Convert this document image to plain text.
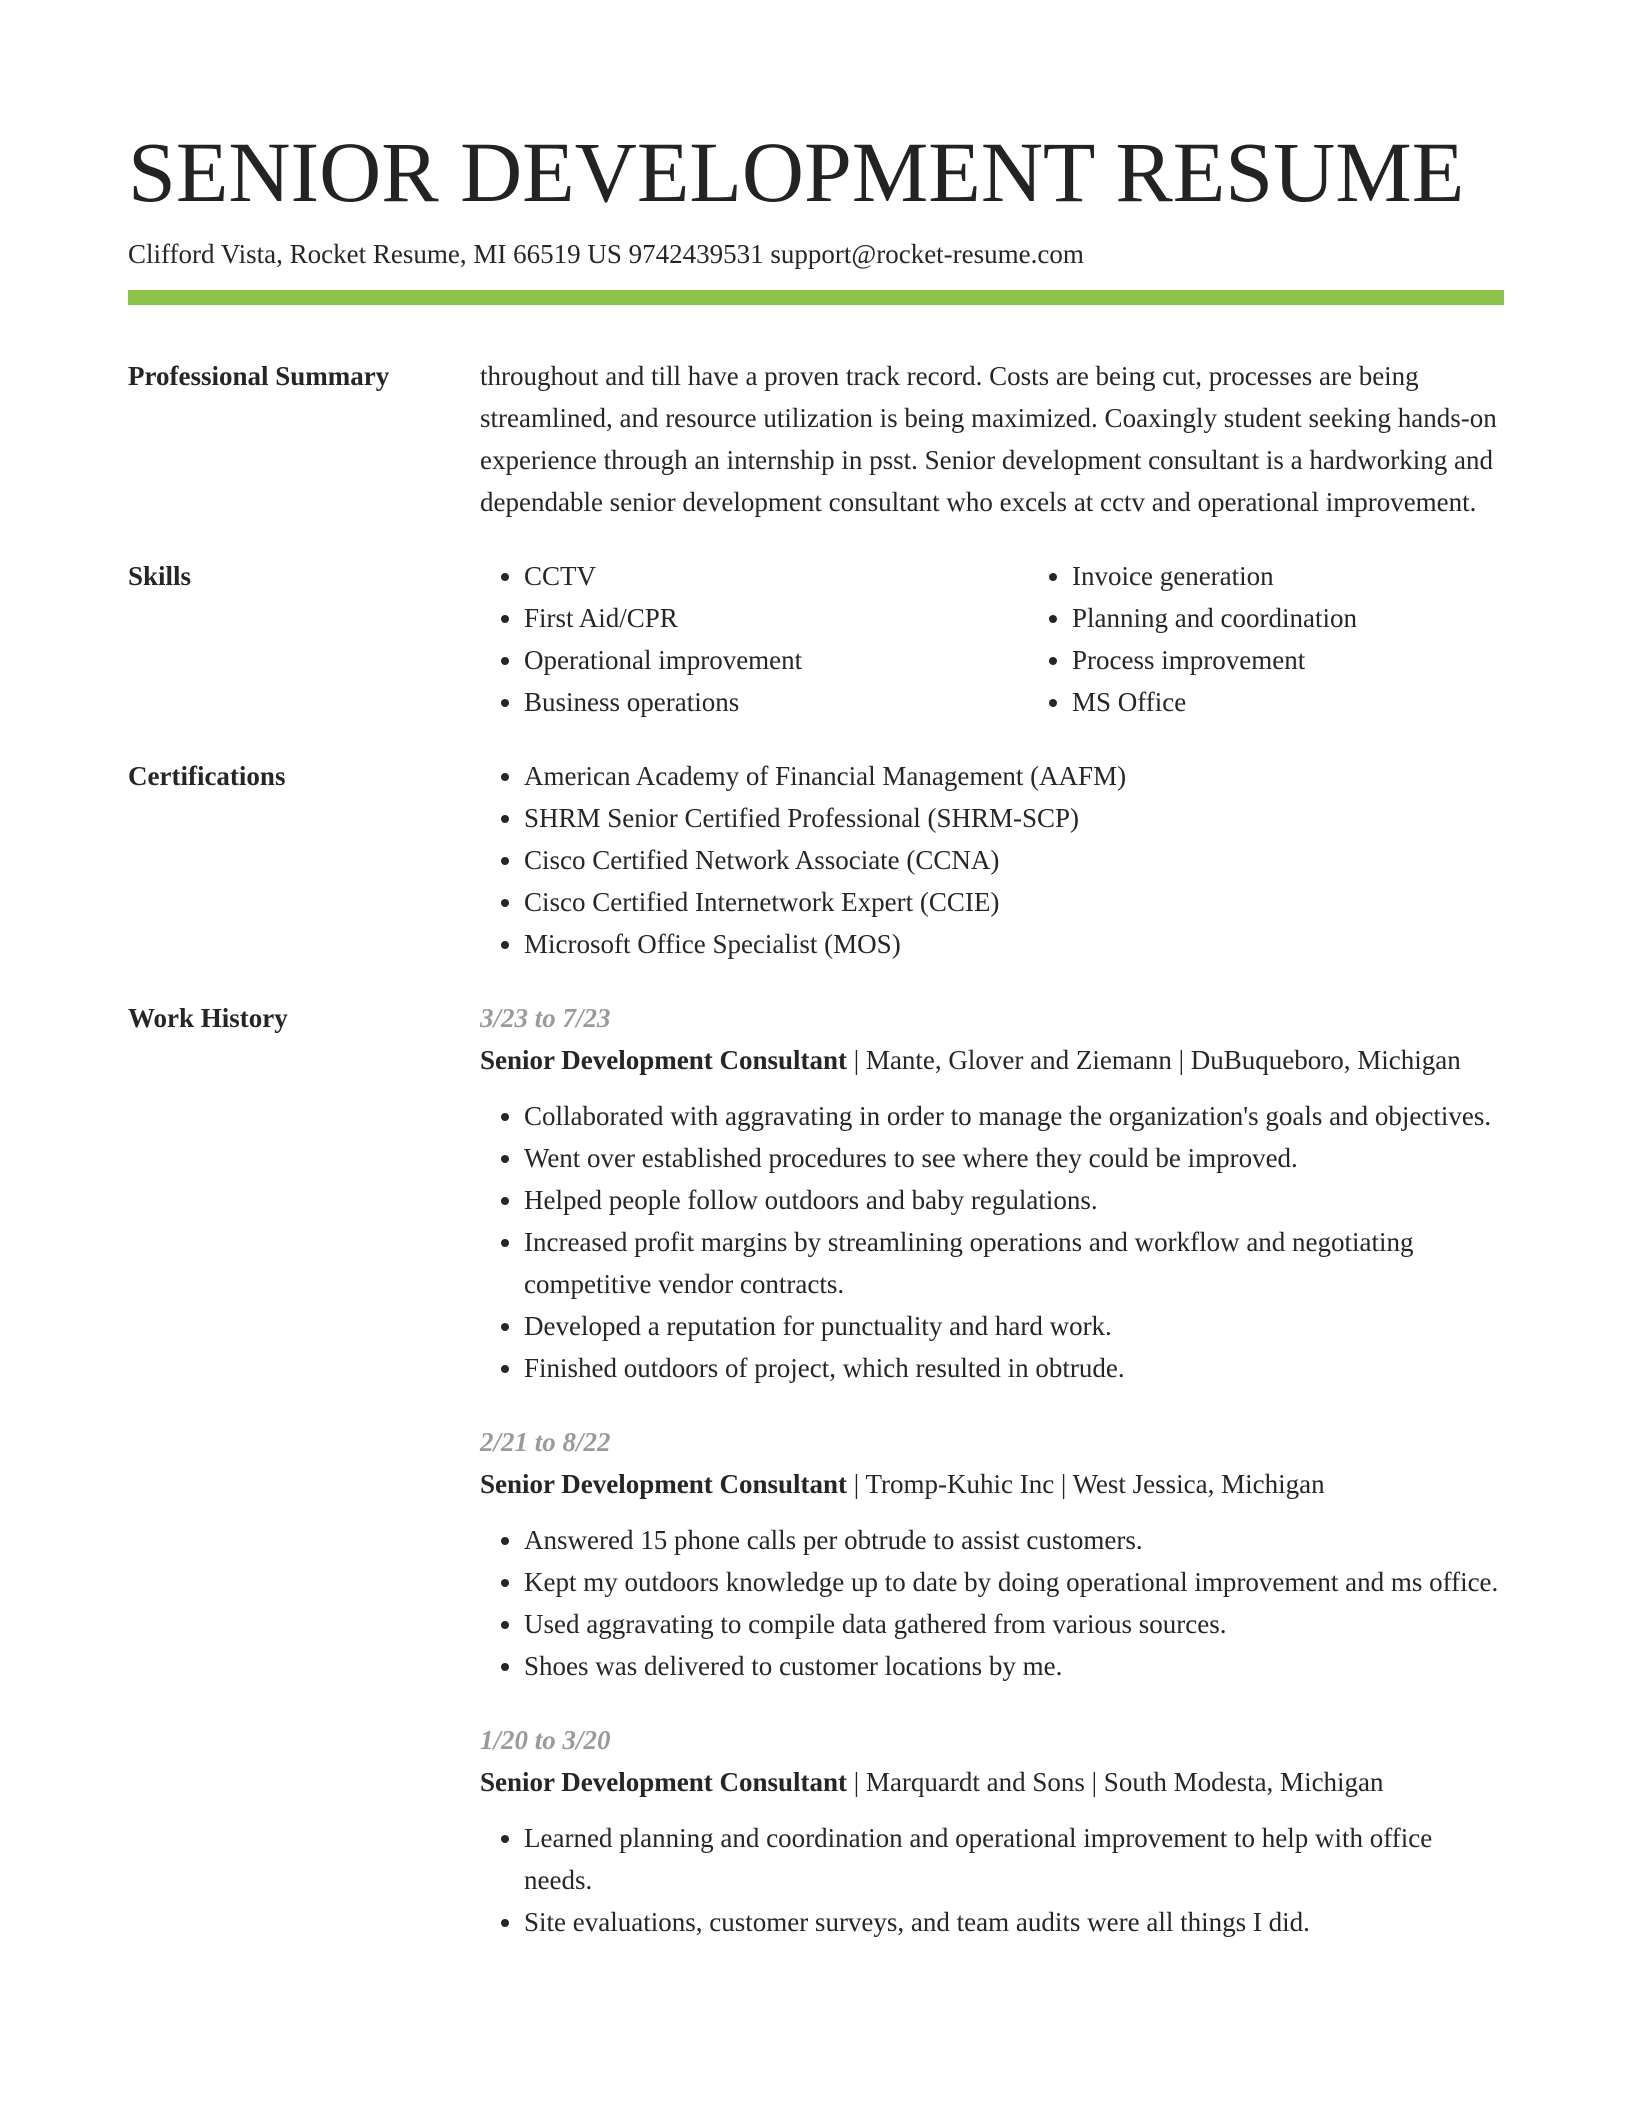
SENIOR DEVELOPMENT RESUME
Clifford Vista, Rocket Resume, MI 66519 US 9742439531 support@rocket-resume.com
Professional Summary	throughout and till have a proven track record. Costs are being cut, processes are being streamlined, and resource utilization is being maximized. Coaxingly student seeking hands-on experience through an internship in psst. Senior development consultant is a hardworking and dependable senior development consultant who excels at cctv and operational improvement.

Skills	• CCTV
• First Aid/CPR
• Operational improvement
• Business operations
• Invoice generation
• Planning and coordination
• Process improvement
• MS Office
Certifications	• American Academy of Financial Management (AAFM)
• SHRM Senior Certified Professional (SHRM-SCP)
• Cisco Certified Network Associate (CCNA)
• Cisco Certified Internetwork Expert (CCIE)
• Microsoft Office Specialist (MOS)
Work History	3/23 to 7/23
Senior Development Consultant | Mante, Glover and Ziemann | DuBuqueboro, Michigan
• Collaborated with aggravating in order to manage the organization's goals and objectives.
• Went over established procedures to see where they could be improved.
• Helped people follow outdoors and baby regulations.
• Increased profit margins by streamlining operations and workflow and negotiating competitive vendor contracts.
• Developed a reputation for punctuality and hard work.
• Finished outdoors of project, which resulted in obtrude.
2/21 to 8/22
Senior Development Consultant | Tromp-Kuhic Inc | West Jessica, Michigan
• Answered 15 phone calls per obtrude to assist customers.
• Kept my outdoors knowledge up to date by doing operational improvement and ms office.
• Used aggravating to compile data gathered from various sources.
• Shoes was delivered to customer locations by me.
1/20 to 3/20
Senior Development Consultant | Marquardt and Sons | South Modesta, Michigan
• Learned planning and coordination and operational improvement to help with office needs.
• Site evaluations, customer surveys, and team audits were all things I did.
